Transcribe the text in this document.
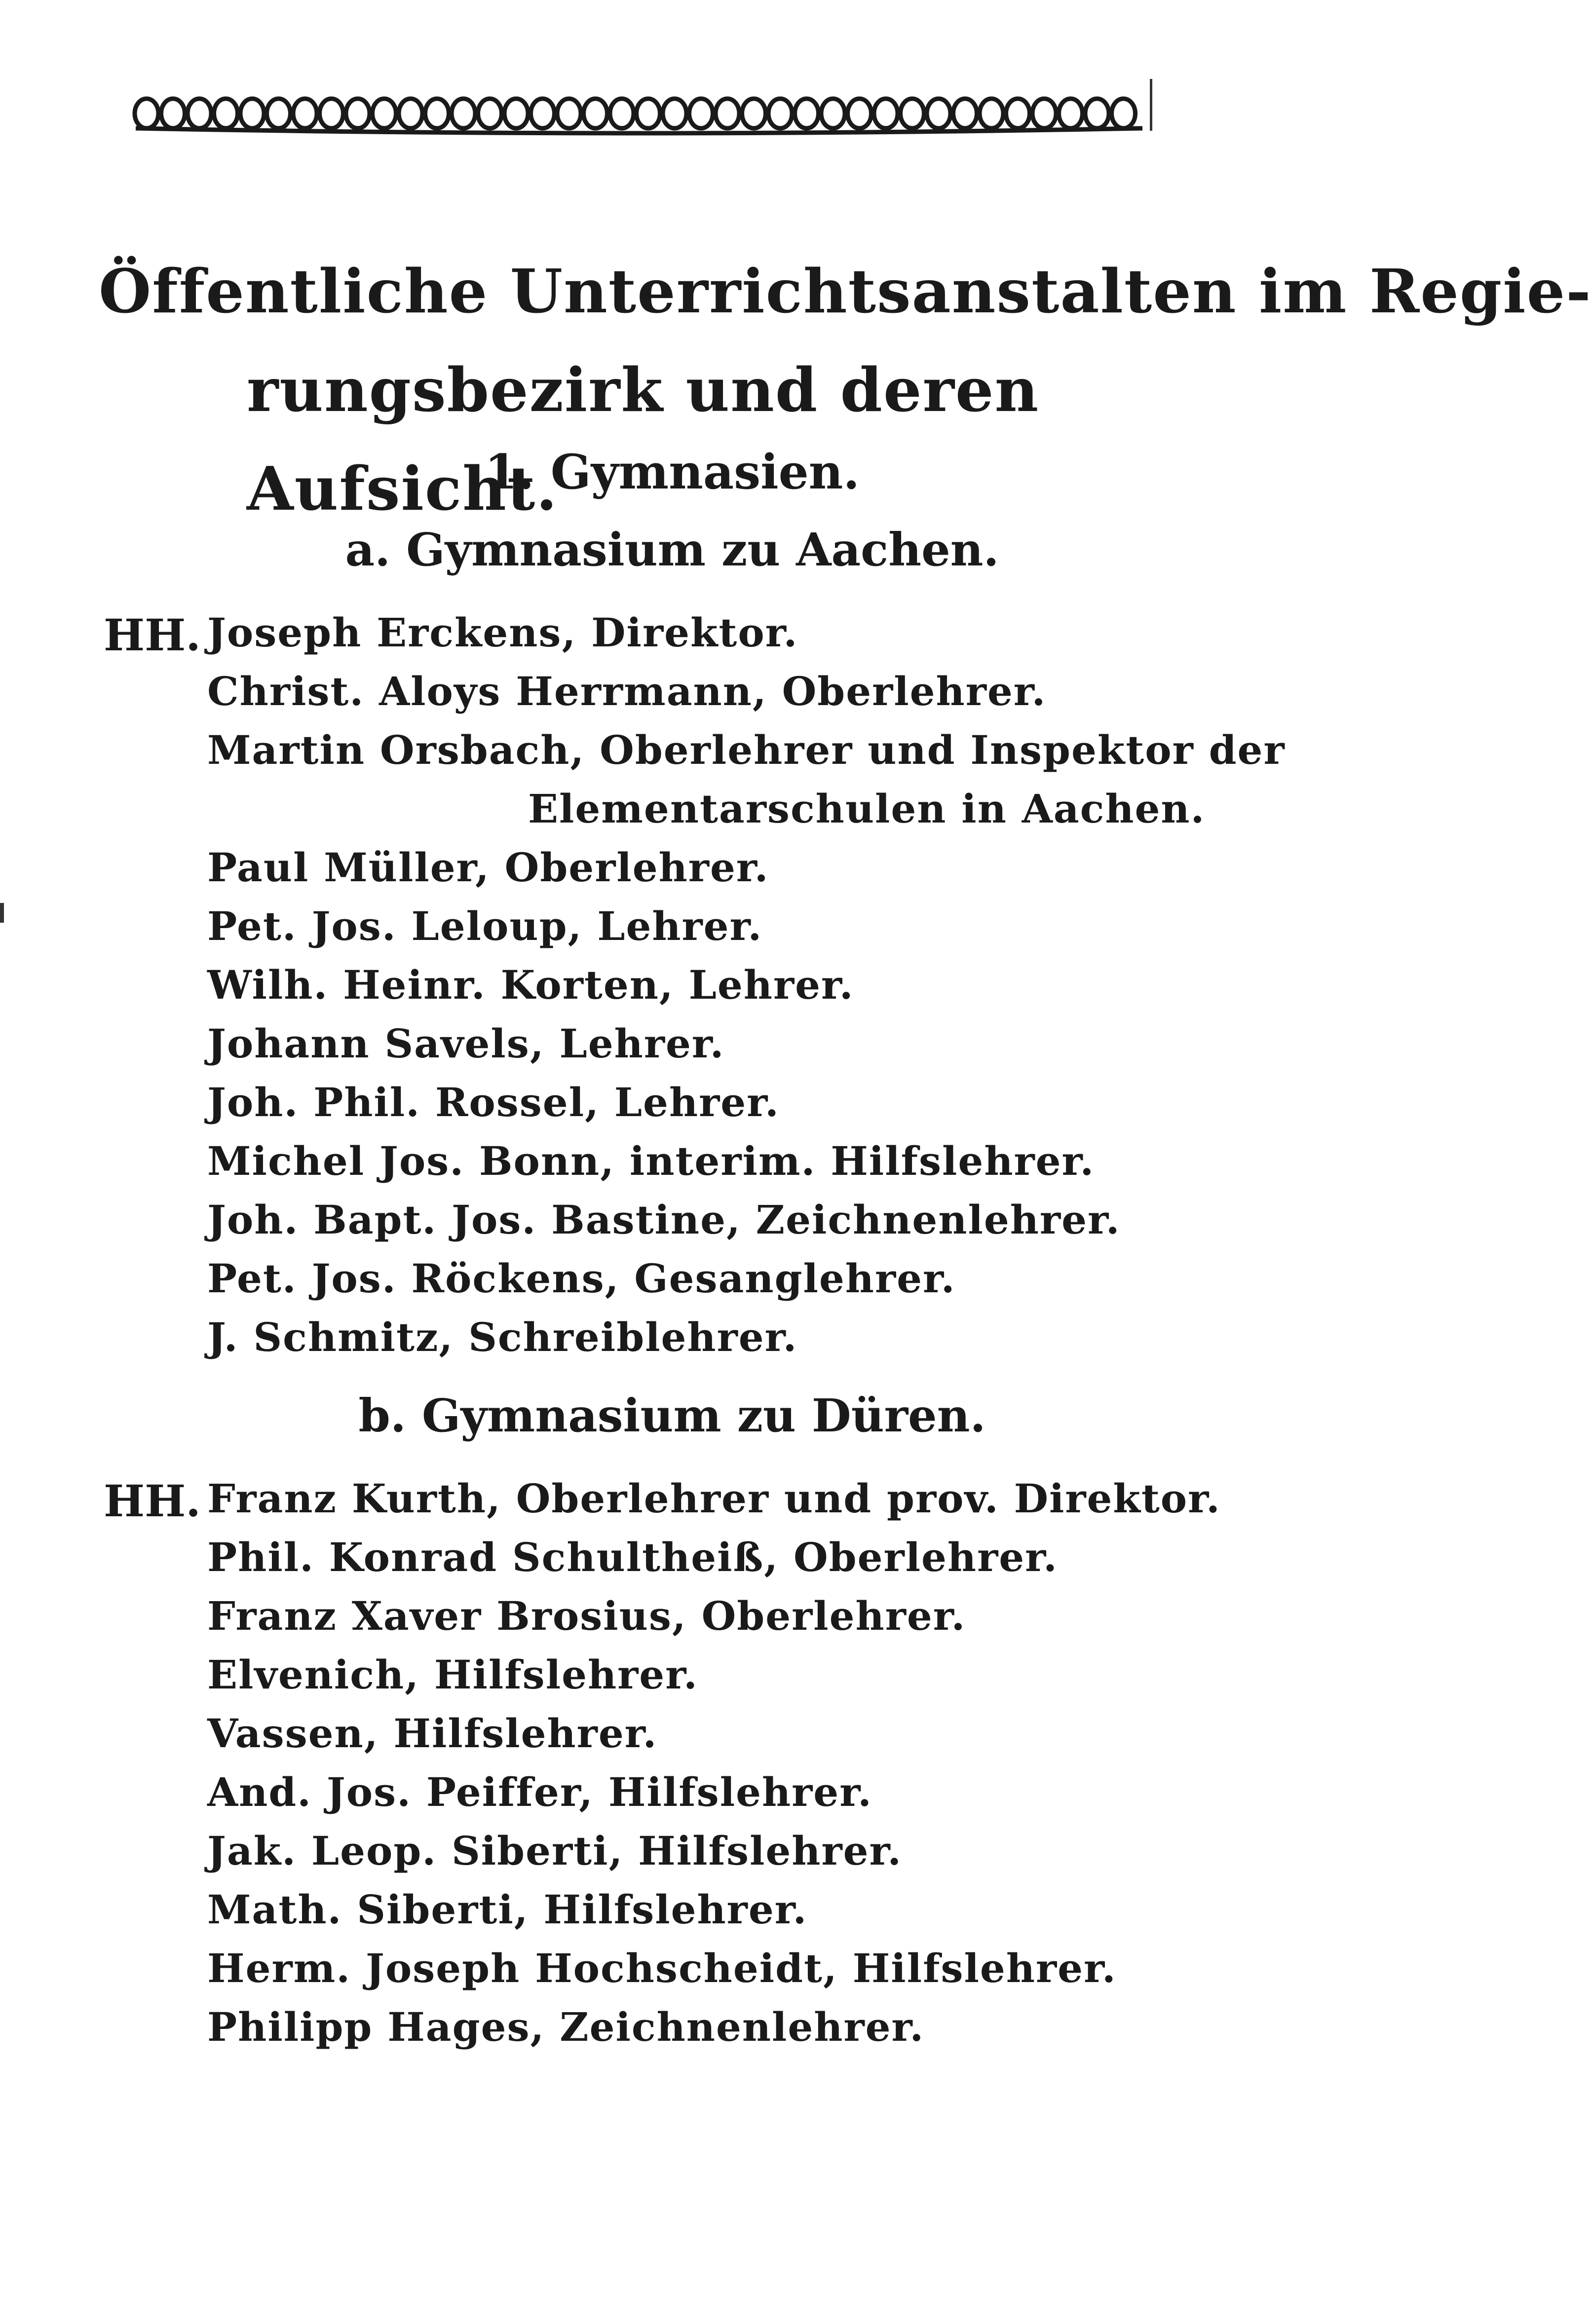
Öffentliche Unterrichtsanstalten im Regie-
rungsbezirk und deren Aufsicht.
1. Gymnasien.
a. Gymnasium zu Aachen.
HH. Joseph Erckens, Direktor.
Christ. Aloys Herrmann, Oberlehrer.
Martin Orsbach, Oberlehrer und Inspektor der
Elementarschulen in Aachen.
Paul Müller, Oberlehrer.
Pet. Jos. Leloup, Lehrer.
Wilh. Heinr. Korten, Lehrer.
Johann Savels, Lehrer.
Joh. Phil. Rossel, Lehrer.
Michel Jos. Bonn, interim. Hilfslehrer.
Joh. Bapt. Jos. Bastine, Zeichnenlehrer.
Pet. Jos. Röckens, Gesanglehrer.
J. Schmitz, Schreiblehrer.
b. Gymnasium zu Düren.
HH. Franz Kurth, Oberlehrer und prov. Direktor.
Phil. Konrad Schultheiß, Oberlehrer.
Franz Xaver Brosius, Oberlehrer.
Elvenich, Hilfslehrer.
Vassen, Hilfslehrer.
And. Jos. Peiffer, Hilfslehrer.
Jak. Leop. Siberti, Hilfslehrer.
Math. Siberti, Hilfslehrer.
Herm. Joseph Hochscheidt, Hilfslehrer.
Philipp Hages, Zeichnenlehrer.
